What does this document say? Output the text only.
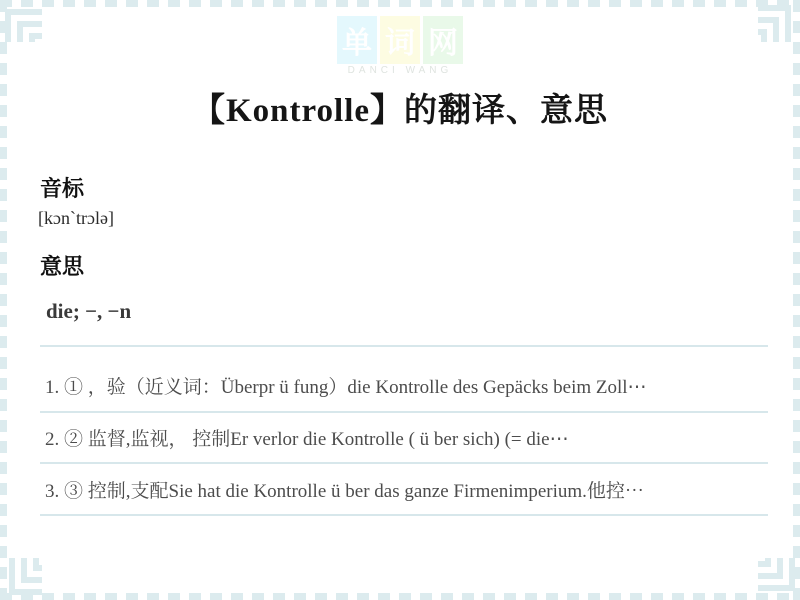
单 词 网
DANCI WANG
【Kontrolle】的翻译、意思
音标
[kɔn`trɔlə]
意思
die; −, −n
1. ① ，验（近义词：Überpr ü fung）die Kontrolle des Gepäcks beim Zoll⋯
2. ② 监督,监视， 控制Er verlor die Kontrolle ( ü ber sich) (= die⋯
3. ③ 控制,支配Sie hat die Kontrolle ü ber das ganze Firmenimperium.他控⋯
